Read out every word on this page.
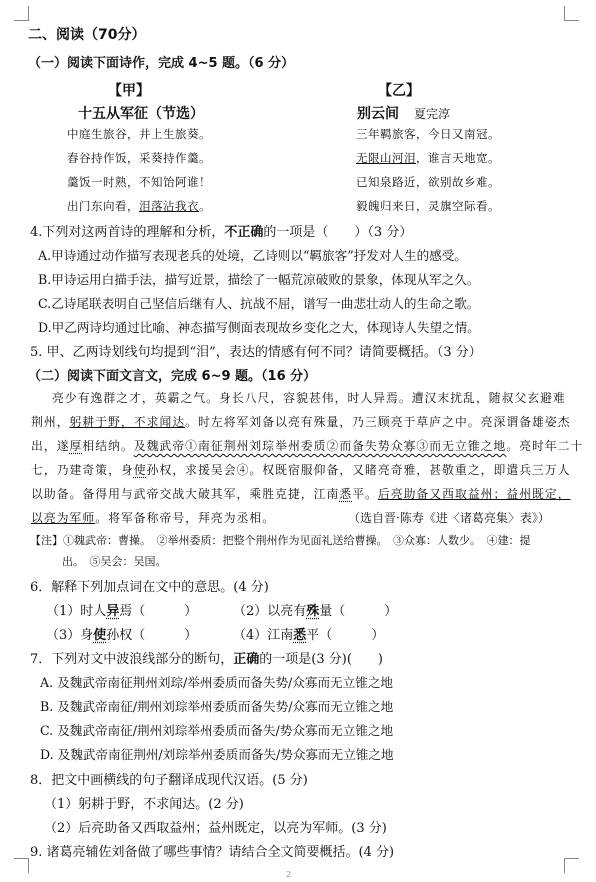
二、阅读（70分）
（一）阅读下面诗作，完成 4~5 题。（6 分）
【甲】
十五从军征（节选）
中庭生旅谷，井上生旅葵。
舂谷持作饭，采葵持作羹。
羹饭一时熟，不知饴阿谁！
出门东向看，泪落沾我衣。
【乙】
别云间 夏完淳
三年羁旅客，今日又南冠。
无限山河泪，谁言天地宽。
已知泉路近，欲别故乡难。
毅魄归来日，灵旗空际看。
4.下列对这两首诗的理解和分析，不正确的一项是（　　）（3 分）
A.甲诗通过动作描写表现老兵的处境，乙诗则以“羁旅客”抒发对人生的感受。
B.甲诗运用白描手法，描写近景，描绘了一幅荒凉破败的景象，体现从军之久。
C.乙诗尾联表明自己坚信后继有人、抗战不屈，谱写一曲悲壮动人的生命之歌。
D.甲乙两诗均通过比喻、神态描写侧面表现故乡变化之大，体现诗人失望之情。
5. 甲、乙两诗划线句均提到“泪”，表达的情感有何不同？请简要概括。（3 分）
（二）阅读下面文言文，完成 6~9 题。（16 分）
亮少有逸群之才，英霸之气。身长八尺，容貌甚伟，时人异焉。遭汉末扰乱，随叔父玄避难
荆州，躬耕于野，不求闻达。时左将军刘备以亮有殊量，乃三顾亮于草庐之中。亮深谓备雄姿杰
出，遂厚相结纳。及魏武帝①南征荆州刘琮举州委质②而备失势众寡③而无立锥之地。亮时年二十
七，乃建奇策，身使孙权，求援吴会④。权既宿服仰备，又睹亮奇雅，甚敬重之，即遣兵三万人
以助备。备得用与武帝交战大破其军，乘胜克捷，江南悉平。后亮助备又西取益州；益州既定，
以亮为军师。将军备称帝号，拜亮为丞相。	（选自晋·陈寿《进〈诸葛亮集〉表》）
【注】①魏武帝：曹操。　②举州委质：把整个荆州作为见面礼送给曹操。　③众寡：人数少。　④建：提
出。　⑤吴会：吴国。
6．解释下列加点词在文中的意思。(4 分)
（1）时人异焉（　　　）	（2）以亮有殊量（　　　）
（3）身使孙权（　　　）	（4）江南悉平（　　　）
7．下列对文中波浪线部分的断句，正确的一项是(3 分)(　　)
A. 及魏武帝南征荆州刘琮/举州委质而备失势/众寡而无立锥之地
B. 及魏武帝南征/荆州刘琮举州委质而备失势/众寡而无立锥之地
C. 及魏武帝南征/荆州刘琮举州委质而备失/势众寡而无立锥之地
D. 及魏武帝南征荆州/刘琮举州委质而备失/势众寡而无立锥之地
8．把文中画横线的句子翻译成现代汉语。(5 分)
（1）躬耕于野，不求闻达。(2 分)
（2）后亮助备又西取益州；益州既定，以亮为军师。(3 分)
9. 诸葛亮辅佐刘备做了哪些事情？请结合全文简要概括。(4 分)
2
